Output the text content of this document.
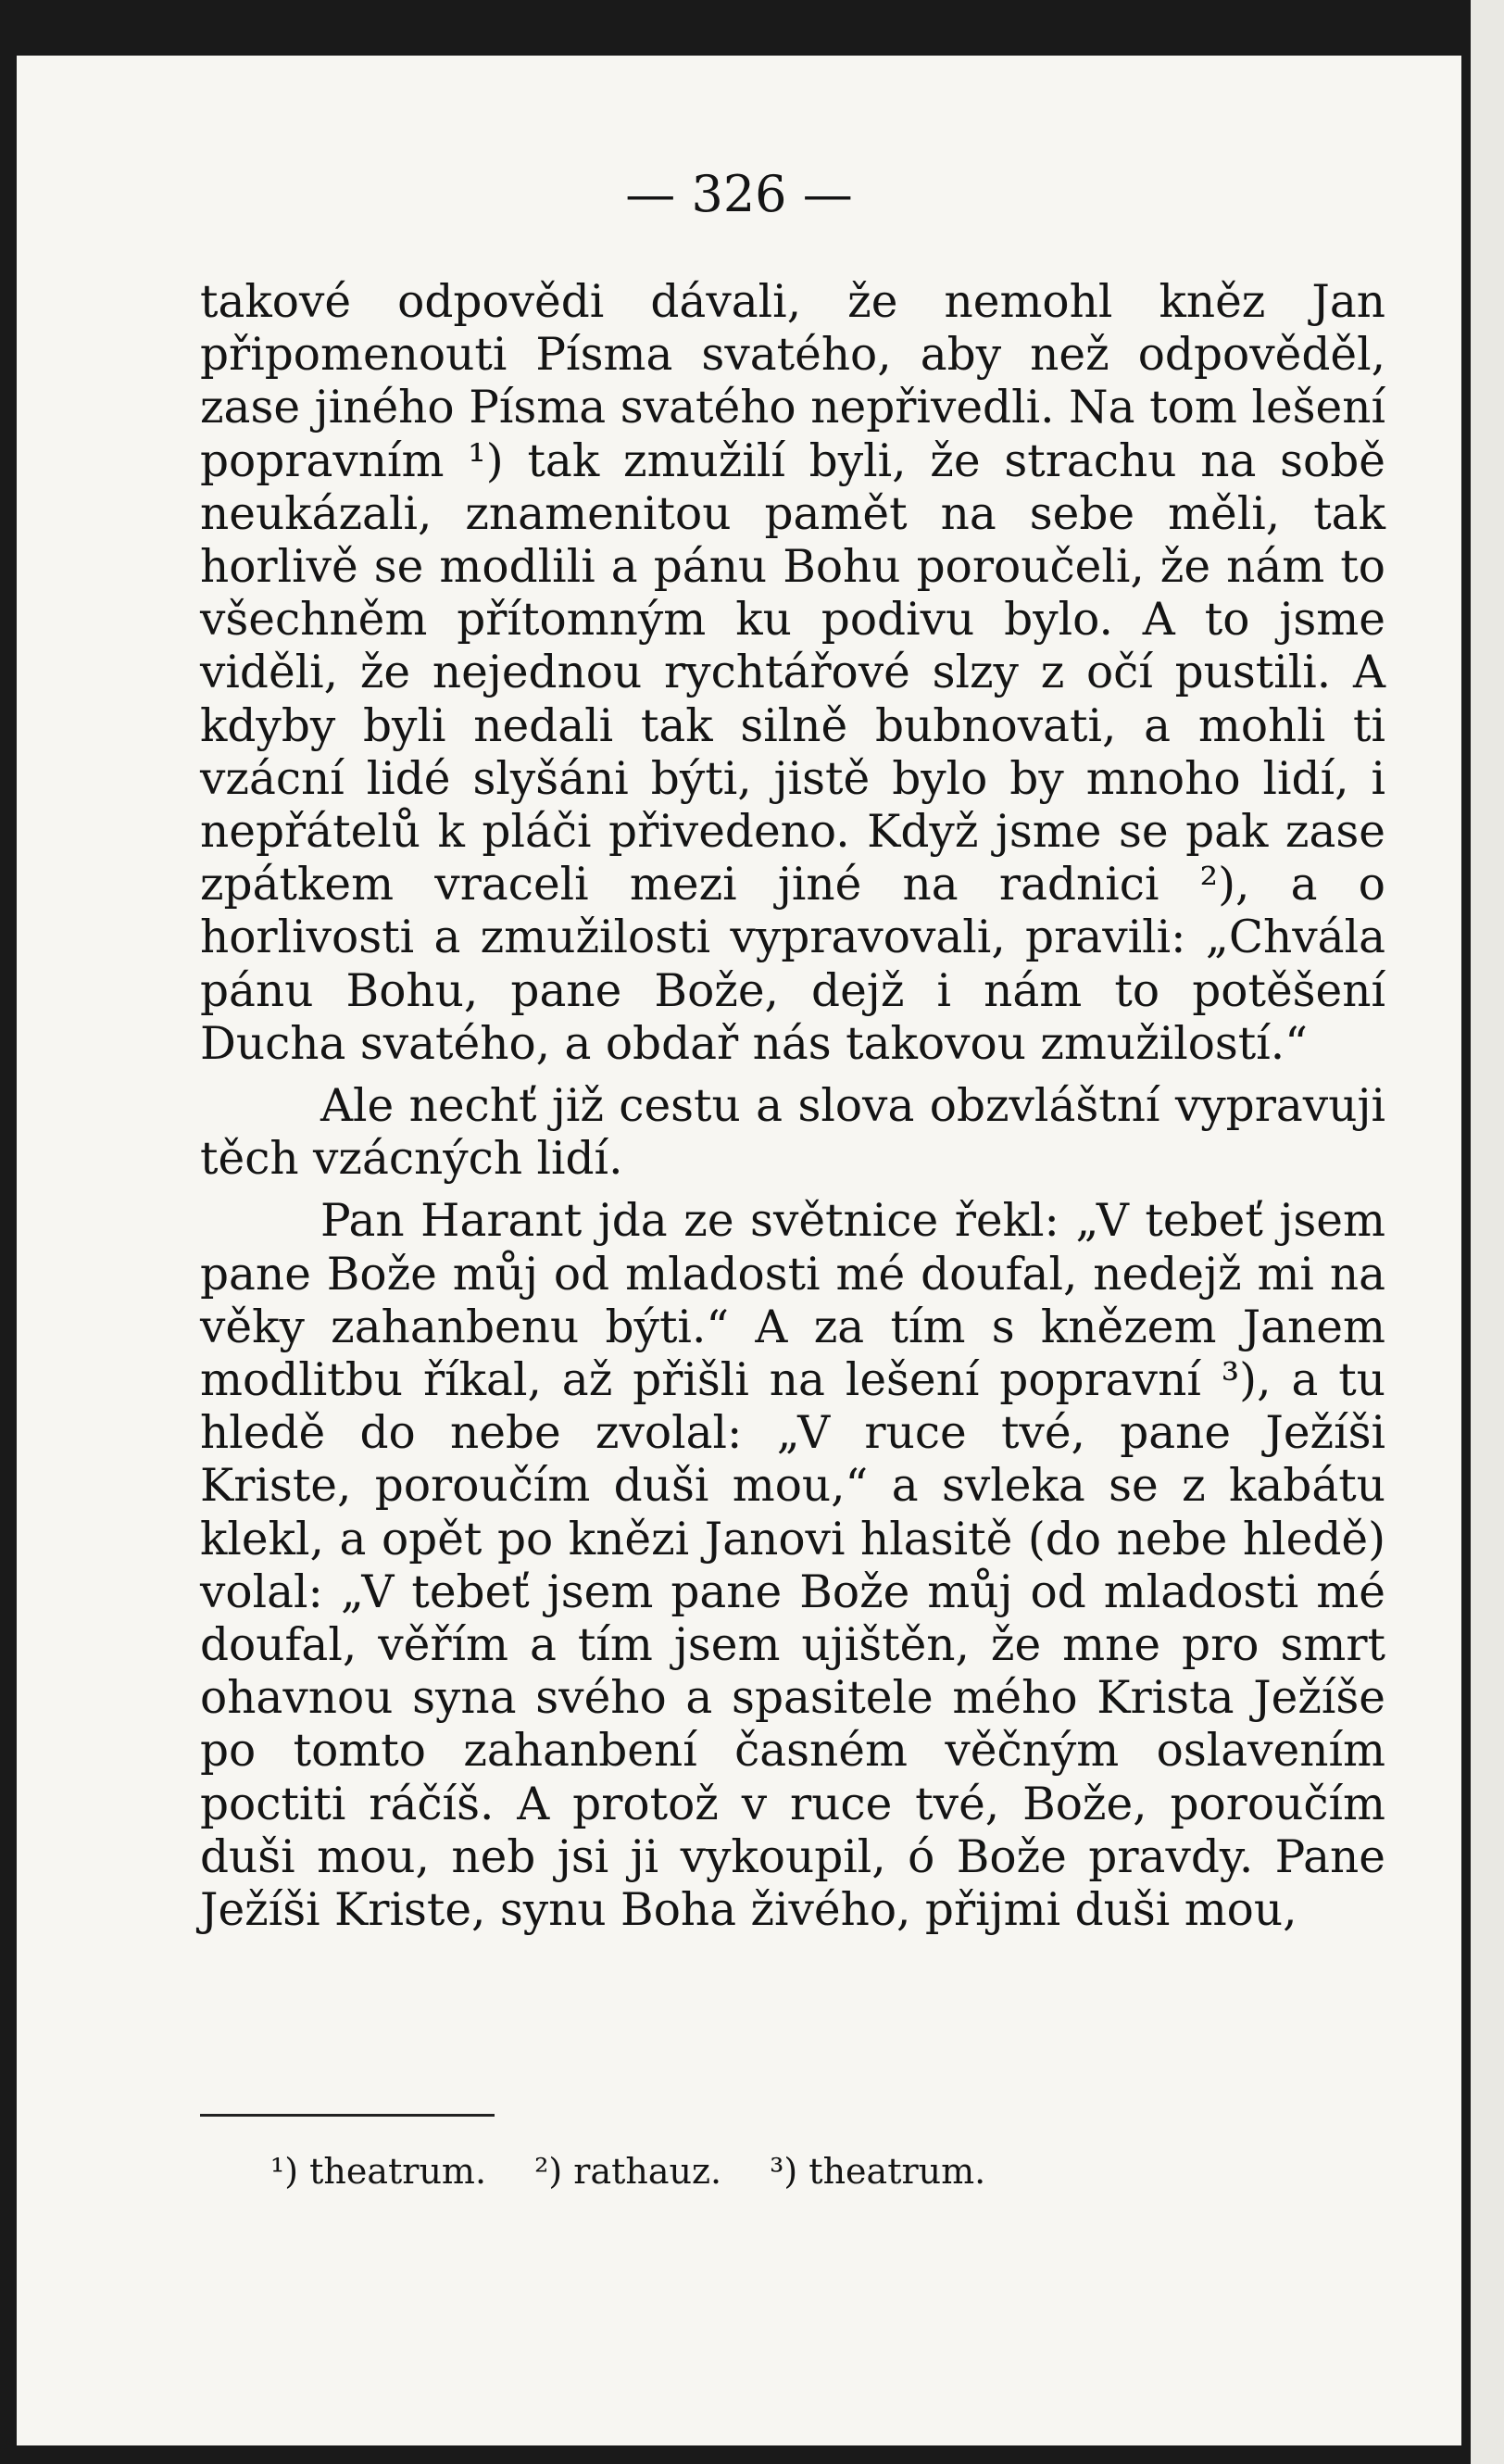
— 326 —

takové odpovědi dávali, že nemohl kněz Jan připomenouti Písma svatého, aby než odpověděl, zase jiného Písma svatého nepřivedli. Na tom lešení popravním ¹) tak zmužilí byli, že strachu na sobě neukázali, znamenitou pamět na sebe měli, tak horlivě se modlili a pánu Bohu poroučeli, že nám to všechněm přítomným ku podivu bylo. A to jsme viděli, že nejednou rychtářové slzy z očí pustili. A kdyby byli nedali tak silně bubnovati, a mohli ti vzácní lidé slyšáni býti, jistě bylo by mnoho lidí, i nepřátelů k pláči přivedeno. Když jsme se pak zase zpátkem vraceli mezi jiné na radnici ²), a o horlivosti a zmužilosti vypravovali, pravili: „Chvála pánu Bohu, pane Bože, dejž i nám to potěšení Ducha svatého, a obdař nás takovou zmužilostí.“

Ale nechť již cestu a slova obzvláštní vypravuji těch vzácných lidí.

Pan Harant jda ze světnice řekl: „V tebeť jsem pane Bože můj od mladosti mé doufal, nedejž mi na věky zahanbenu býti.“ A za tím s knězem Janem modlitbu říkal, až přišli na lešení popravní ³), a tu hledě do nebe zvolal: „V ruce tvé, pane Ježíši Kriste, poroučím duši mou,“ a svleka se z kabátu klekl, a opět po knězi Janovi hlasitě (do nebe hledě) volal: „V tebeť jsem pane Bože můj od mladosti mé doufal, věřím a tím jsem ujištěn, že mne pro smrt ohavnou syna svého a spasitele mého Krista Ježíše po tomto zahanbení časném věčným oslavením poctiti ráčíš. A protož v ruce tvé, Bože, poroučím duši mou, neb jsi ji vykoupil, ó Bože pravdy. Pane Ježíši Kriste, synu Boha živého, přijmi duši mou,

¹) theatrum. ²) rathauz. ³) theatrum.
